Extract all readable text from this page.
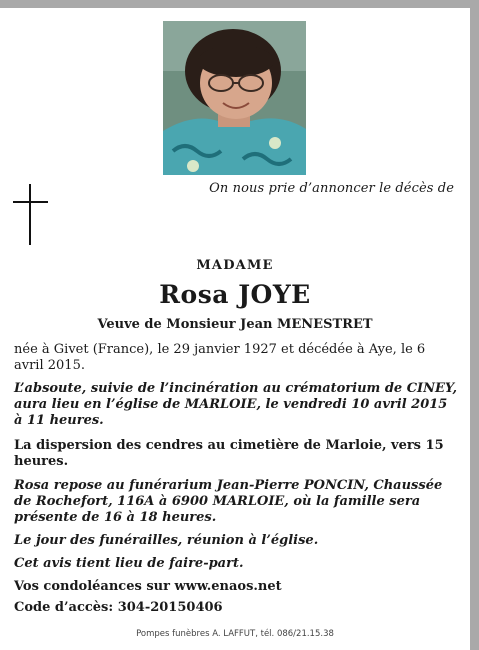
On nous prie d’annoncer le décès de
MADAME
Rosa JOYE
Veuve de Monsieur Jean MENESTRET
née à Givet (France), le 29 janvier 1927 et décédée à Aye, le 6 avril 2015.
L’absoute, suivie de l’incinération au crématorium de CINEY, aura lieu en l’église de MARLOIE, le vendredi 10 avril 2015 à 11 heures.
La dispersion des cendres au cimetière de Marloie, vers 15 heures.
Rosa repose au funérarium Jean-Pierre PONCIN, Chaussée de Rochefort, 116A à 6900 MARLOIE, où la famille sera présente de 16 à 18 heures.
Le jour des funérailles, réunion à l’église.
Cet avis tient lieu de faire-part.
Vos condoléances sur www.enaos.net
Code d’accès: 304-20150406
Pompes funèbres A. LAFFUT, tél. 086/21.15.38
